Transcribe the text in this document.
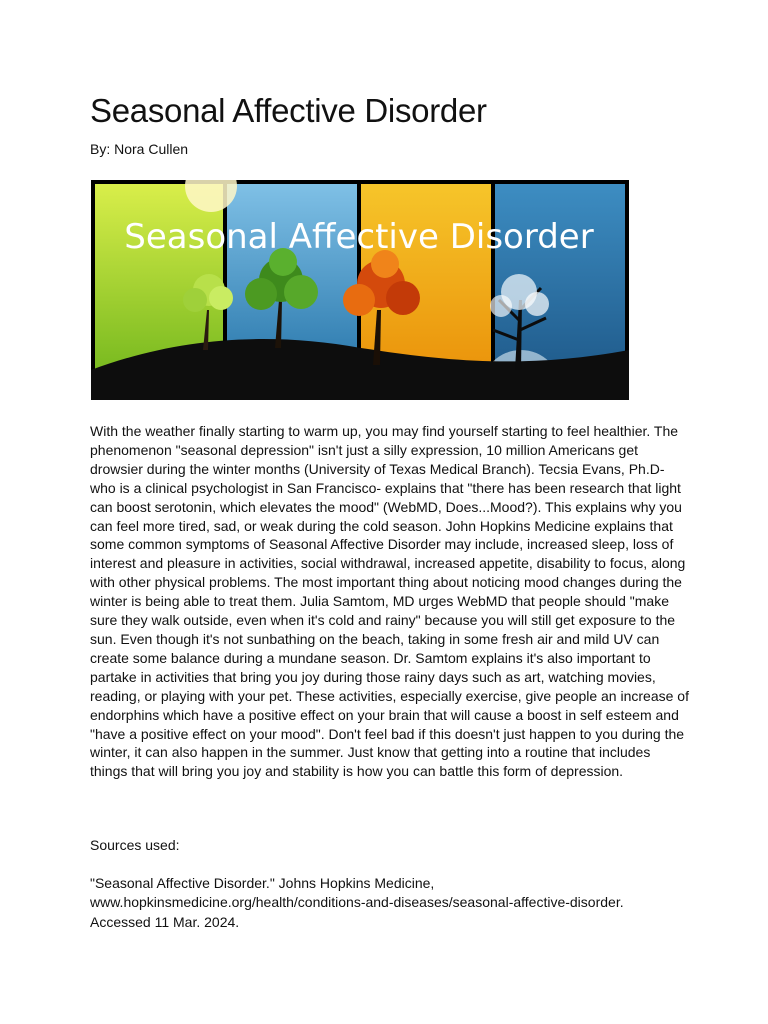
Seasonal Affective Disorder
By: Nora Cullen
Seasonal Affective Disorder

With the weather finally starting to warm up, you may find yourself starting to feel healthier. The phenomenon "seasonal depression" isn't just a silly expression, 10 million Americans get drowsier during the winter months (University of Texas Medical Branch). Tecsia Evans, Ph.D-who is a clinical psychologist in San Francisco- explains that "there has been research that light can boost serotonin, which elevates the mood" (WebMD, Does...Mood?). This explains why you can feel more tired, sad, or weak during the cold season. John Hopkins Medicine explains that some common symptoms of Seasonal Affective Disorder may include, increased sleep, loss of interest and pleasure in activities, social withdrawal, increased appetite, disability to focus, along with other physical problems. The most important thing about noticing mood changes during the winter is being able to treat them. Julia Samtom, MD urges WebMD that people should "make sure they walk outside, even when it's cold and rainy" because you will still get exposure to the sun. Even though it's not sunbathing on the beach, taking in some fresh air and mild UV can create some balance during a mundane season. Dr. Samtom explains it's also important to partake in activities that bring you joy during those rainy days such as art, watching movies, reading, or playing with your pet. These activities, especially exercise, give people an increase of endorphins which have a positive effect on your brain that will cause a boost in self esteem and "have a positive effect on your mood". Don't feel bad if this doesn't just happen to you during the winter, it can also happen in the summer. Just know that getting into a routine that includes things that will bring you joy and stability is how you can battle this form of depression.

Sources used:

"Seasonal Affective Disorder." Johns Hopkins Medicine,
www.hopkinsmedicine.org/health/conditions-and-diseases/seasonal-affective-disorder.
Accessed 11 Mar. 2024.
